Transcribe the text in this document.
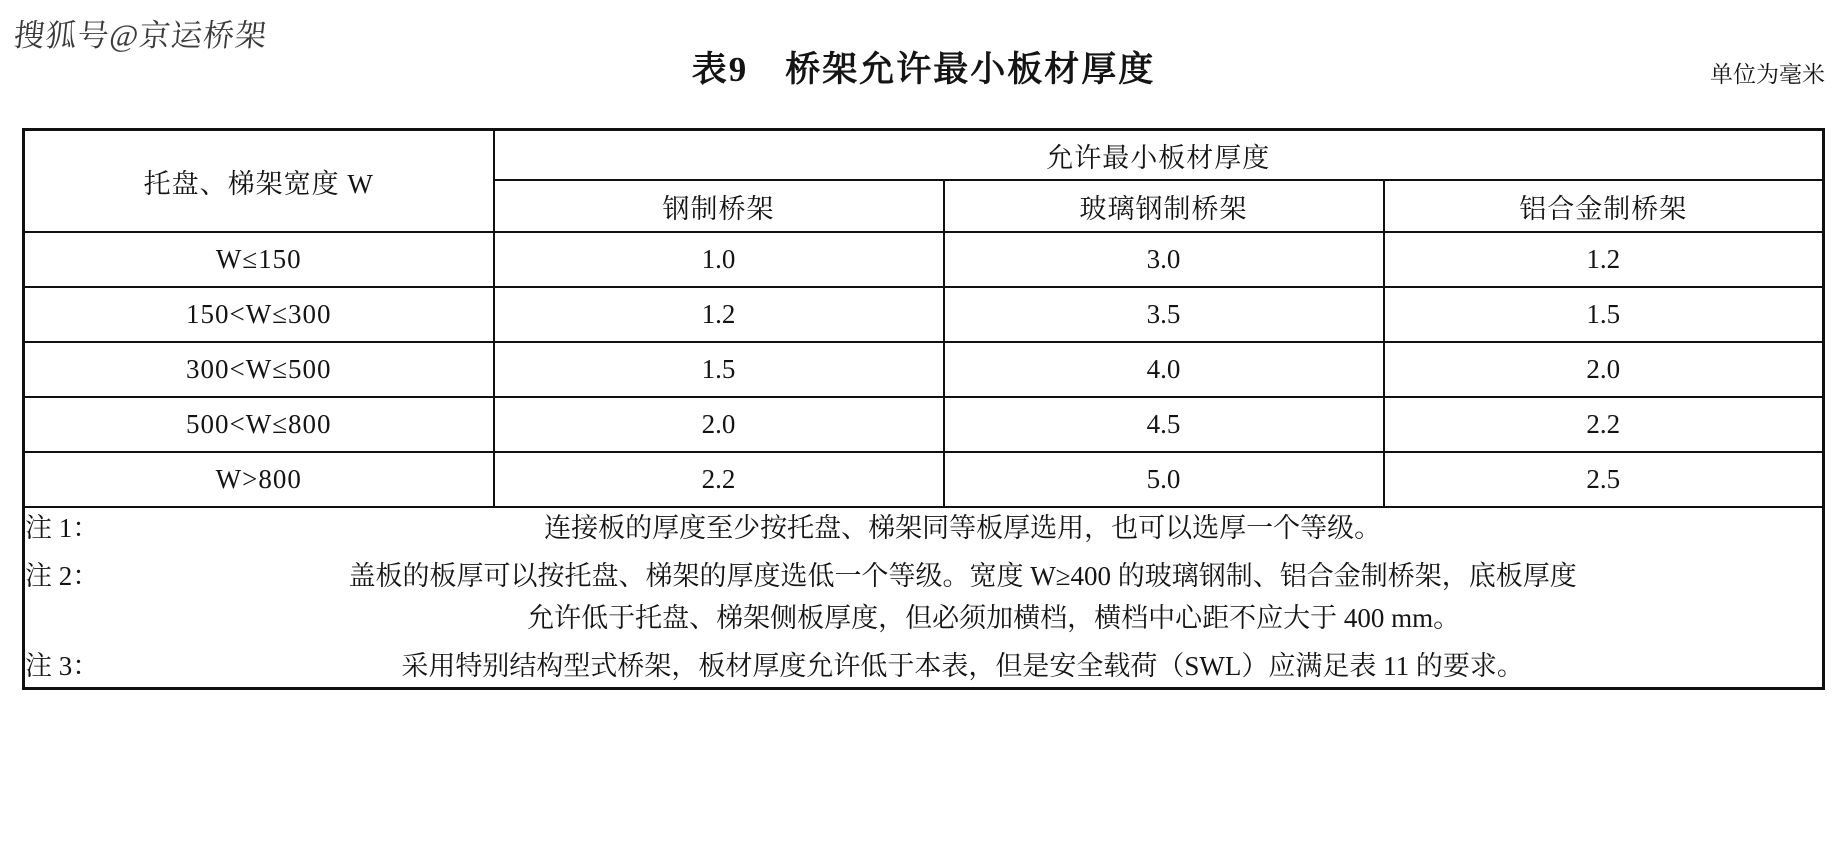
搜狐号@京运桥架
表9　桥架允许最小板材厚度	单位为毫米
托盘、梯架宽度 W	允许最小板材厚度		
	钢制桥架	玻璃钢制桥架	铝合金制桥架
W≤150	1.0	3.0	1.2
150<W≤300	1.2	3.5	1.5
300<W≤500	1.5	4.0	2.0
500<W≤800	2.0	4.5	2.2
W>800	2.2	5.0	2.5

注 1：	连接板的厚度至少按托盘、梯架同等板厚选用，也可以选厚一个等级。
注 2：	盖板的板厚可以按托盘、梯架的厚度选低一个等级。宽度 W≥400 的玻璃钢制、铝合金制桥架，底板厚度
允许低于托盘、梯架侧板厚度，但必须加横档，横档中心距不应大于 400 mm。
注 3：	采用特别结构型式桥架，板材厚度允许低于本表，但是安全载荷（SWL）应满足表 11 的要求。
